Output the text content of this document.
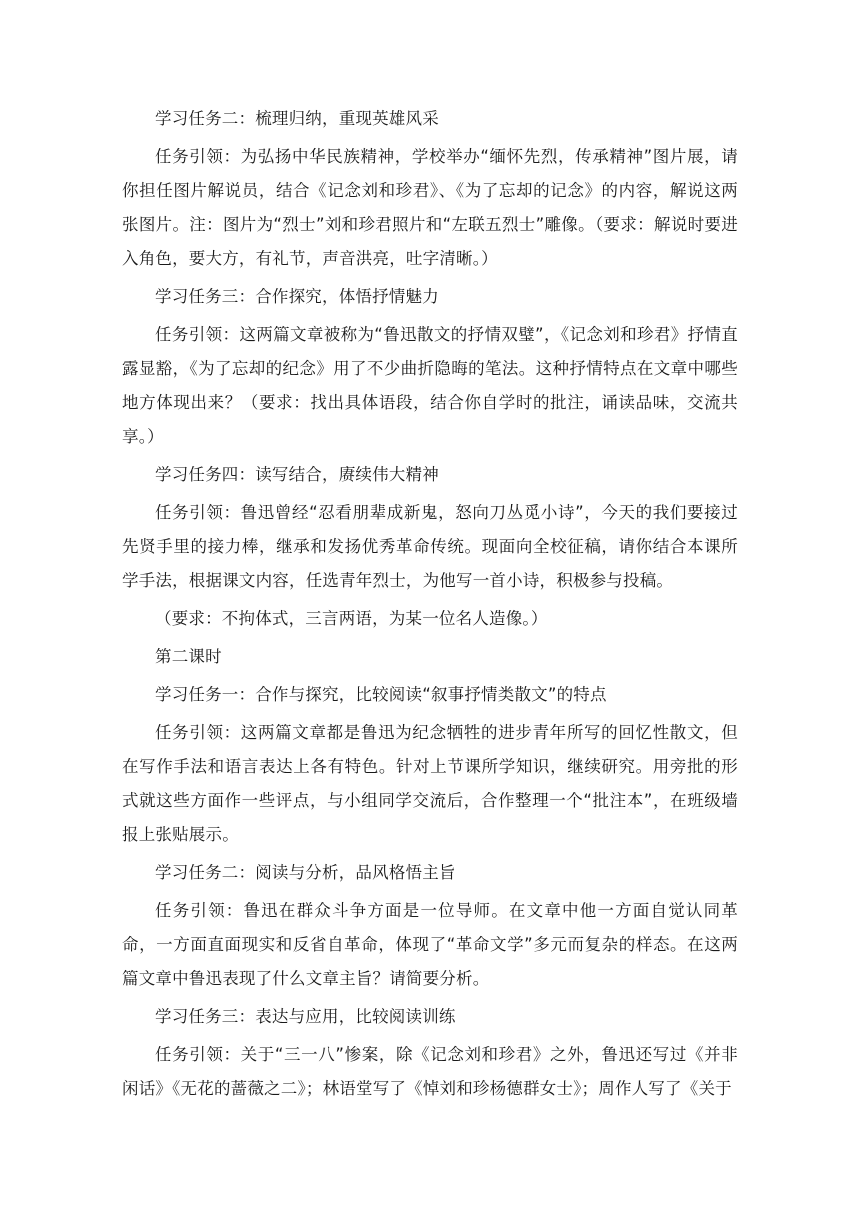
学习任务二：梳理归纳，重现英雄风采

任务引领：为弘扬中华民族精神，学校举办“缅怀先烈，传承精神”图片展，请你担任图片解说员，结合《记念刘和珍君》、《为了忘却的记念》的内容，解说这两张图片。注：图片为“烈士”刘和珍君照片和“左联五烈士”雕像。（要求：解说时要进入角色，要大方，有礼节，声音洪亮，吐字清晰。）

学习任务三：合作探究，体悟抒情魅力

任务引领：这两篇文章被称为“鲁迅散文的抒情双璧”，《记念刘和珍君》抒情直露显豁，《为了忘却的纪念》用了不少曲折隐晦的笔法。这种抒情特点在文章中哪些地方体现出来？（要求：找出具体语段，结合你自学时的批注，诵读品味，交流共享。）

学习任务四：读写结合，赓续伟大精神

任务引领：鲁迅曾经“忍看朋辈成新鬼，怒向刀丛觅小诗”，今天的我们要接过先贤手里的接力棒，继承和发扬优秀革命传统。现面向全校征稿，请你结合本课所学手法，根据课文内容，任选青年烈士，为他写一首小诗，积极参与投稿。

（要求：不拘体式，三言两语，为某一位名人造像。）

第二课时

学习任务一：合作与探究，比较阅读“叙事抒情类散文”的特点

任务引领：这两篇文章都是鲁迅为纪念牺牲的进步青年所写的回忆性散文，但在写作手法和语言表达上各有特色。针对上节课所学知识，继续研究。用旁批的形式就这些方面作一些评点，与小组同学交流后，合作整理一个“批注本”，在班级墙报上张贴展示。

学习任务二：阅读与分析，品风格悟主旨

任务引领：鲁迅在群众斗争方面是一位导师。在文章中他一方面自觉认同革命，一方面直面现实和反省自革命，体现了“革命文学”多元而复杂的样态。在这两篇文章中鲁迅表现了什么文章主旨？请简要分析。

学习任务三：表达与应用，比较阅读训练

任务引领：关于“三一八”惨案，除《记念刘和珍君》之外，鲁迅还写过《并非闲话》《无花的蔷薇之二》；林语堂写了《悼刘和珍杨德群女士》；周作人写了《关于
